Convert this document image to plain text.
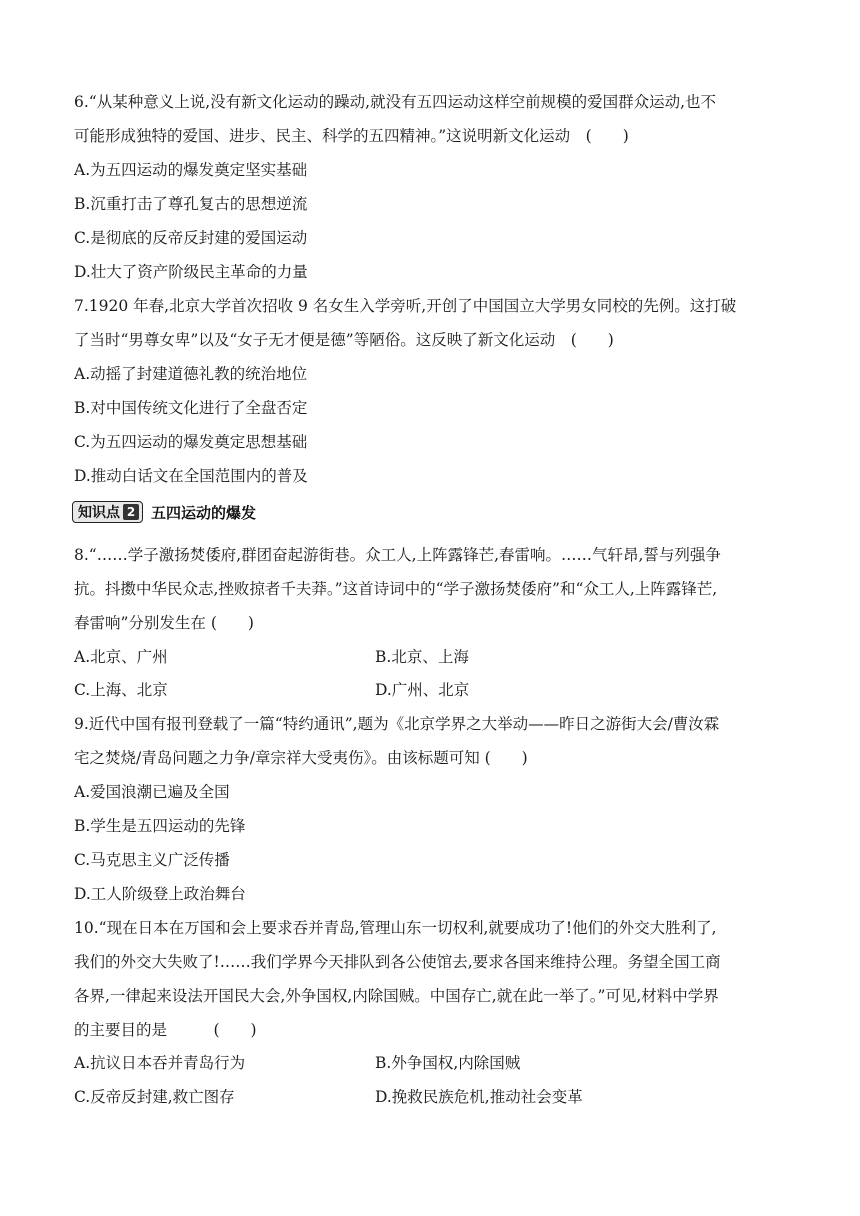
6.“从某种意义上说,没有新文化运动的躁动,就没有五四运动这样空前规模的爱国群众运动,也不
可能形成独特的爱国、进步、民主、科学的五四精神。”这说明新文化运动　(　　)
A.为五四运动的爆发奠定坚实基础
B.沉重打击了尊孔复古的思想逆流
C.是彻底的反帝反封建的爱国运动
D.壮大了资产阶级民主革命的力量
7.1920 年春,北京大学首次招收 9 名女生入学旁听,开创了中国国立大学男女同校的先例。这打破
了当时“男尊女卑”以及“女子无才便是德”等陋俗。这反映了新文化运动　(　　)
A.动摇了封建道德礼教的统治地位
B.对中国传统文化进行了全盘否定
C.为五四运动的爆发奠定思想基础
D.推动白话文在全国范围内的普及
知识点 2 五四运动的爆发
8.“……学子激扬焚倭府,群团奋起游街巷。众工人,上阵露锋芒,春雷响。……气轩昂,誓与列强争
抗。抖擞中华民众志,挫败掠者千夫莽。”这首诗词中的“学子激扬焚倭府”和“众工人,上阵露锋芒,
春雷响”分别发生在 (　　)
A.北京、广州	B.北京、上海
C.上海、北京	D.广州、北京
9.近代中国有报刊登载了一篇“特约通讯”,题为《北京学界之大举动——昨日之游街大会/曹汝霖
宅之焚烧/青岛问题之力争/章宗祥大受夷伤》。由该标题可知 (　　)
A.爱国浪潮已遍及全国
B.学生是五四运动的先锋
C.马克思主义广泛传播
D.工人阶级登上政治舞台
10.“现在日本在万国和会上要求吞并青岛,管理山东一切权利,就要成功了!他们的外交大胜利了,
我们的外交大失败了!……我们学界今天排队到各公使馆去,要求各国来维持公理。务望全国工商
各界,一律起来设法开国民大会,外争国权,内除国贼。中国存亡,就在此一举了。”可见,材料中学界
的主要目的是　　　(　　)
A.抗议日本吞并青岛行为	B.外争国权,内除国贼
C.反帝反封建,救亡图存	D.挽救民族危机,推动社会变革
